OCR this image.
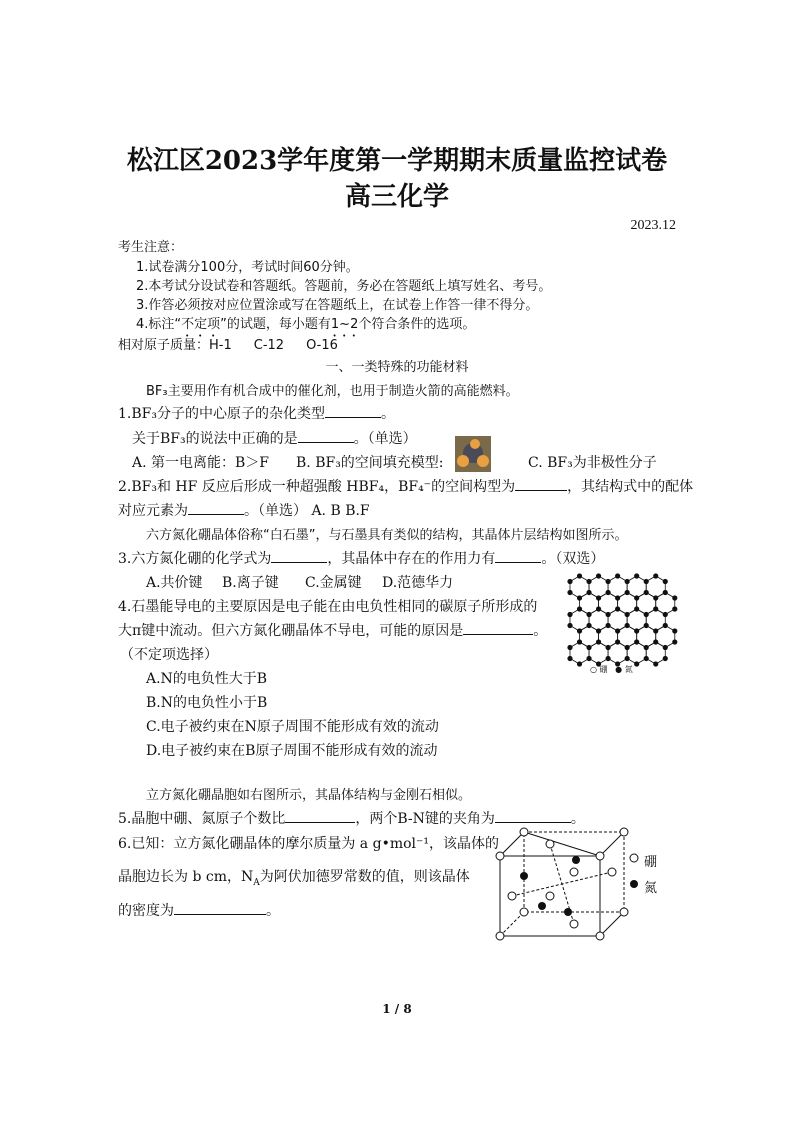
松江区2023学年度第一学期期末质量监控试卷
高三化学
2023.12
考生注意：
1.试卷满分100分，考试时间60分钟。
2.本考试分设试卷和答题纸。答题前，务必在答题纸上填写姓名、考号。
3.作答必须按对应位置涂或写在答题纸上，在试卷上作答一律不得分。
4.标注“不定项”的试题，每小题有1~2个符合条件的选项。
相对原子质量：H-1 C-12 O-16
一、一类特殊的功能材料
BF₃主要用作有机合成中的催化剂，也用于制造火箭的高能燃料。
1.BF₃分子的中心原子的杂化类型	。
关于BF₃的说法中正确的是	。（单选）
A. 第一电离能：B＞F B. BF₃的空间填充模型:	C. BF₃为非极性分子
2.BF₃和 HF 反应后形成一种超强酸 HBF₄，BF₄⁻的空间构型为	，其结构式中的配体
对应元素为	。（单选） A. B B.F
六方氮化硼晶体俗称“白石墨”，与石墨具有类似的结构，其晶体片层结构如图所示。
3.六方氮化硼的化学式为	，其晶体中存在的作用力有	。（双选）
A.共价键 B.离子键 C.金属键 D.范德华力
○ 硼 ● 氮
4.石墨能导电的主要原因是电子能在由电负性相同的碳原子所形成的
大π键中流动。但六方氮化硼晶体不导电，可能的原因是	。
（不定项选择）
A.N的电负性大于B
B.N的电负性小于B
C.电子被约束在N原子周围不能形成有效的流动
D.电子被约束在B原子周围不能形成有效的流动
立方氮化硼晶胞如右图所示，其晶体结构与金刚石相似。
5.晶胞中硼、氮原子个数比	，两个B-N键的夹角为	。
6.已知：立方氮化硼晶体的摩尔质量为 a g•mol⁻¹，该晶体的
晶胞边长为 b cm，$N_A$为阿伏加德罗常数的值，则该晶体
的密度为	。
硼
氮
1 / 8
